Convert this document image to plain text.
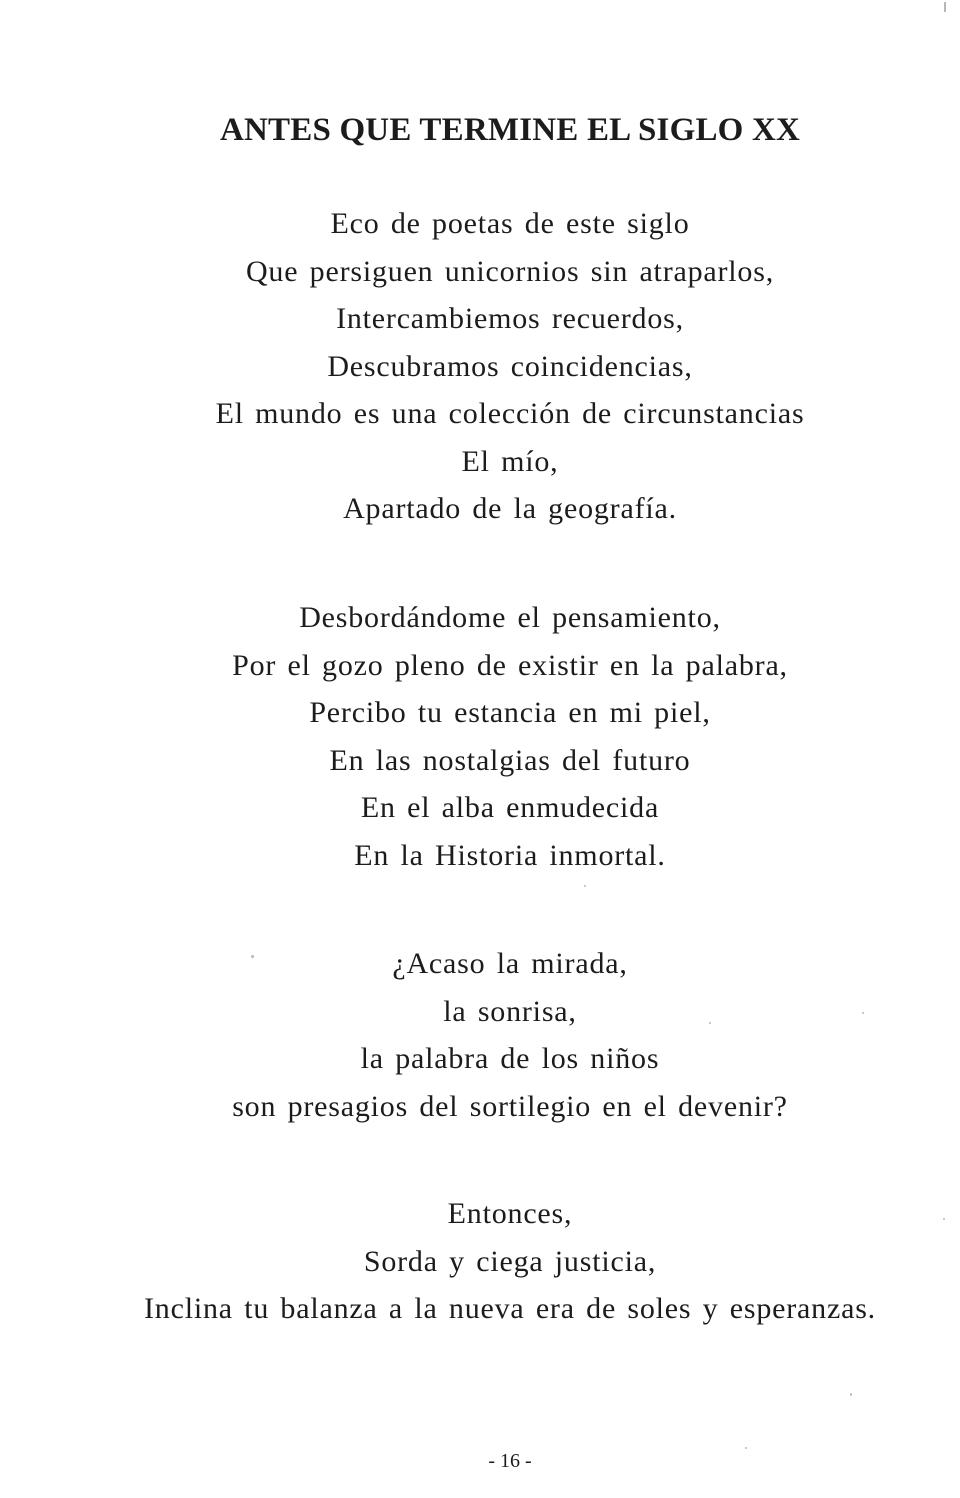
ANTES QUE TERMINE EL SIGLO XX
Eco de poetas de este siglo
Que persiguen unicornios sin atraparlos,
Intercambiemos recuerdos,
Descubramos coincidencias,
El mundo es una colección de circunstancias
El mío,
Apartado de la geografía.
Desbordándome el pensamiento,
Por el gozo pleno de existir en la palabra,
Percibo tu estancia en mi piel,
En las nostalgias del futuro
En el alba enmudecida
En la Historia inmortal.
¿Acaso la mirada,
la sonrisa,
la palabra de los niños
son presagios del sortilegio en el devenir?
Entonces,
Sorda y ciega justicia,
Inclina tu balanza a la nueva era de soles y esperanzas.
- 16 -
